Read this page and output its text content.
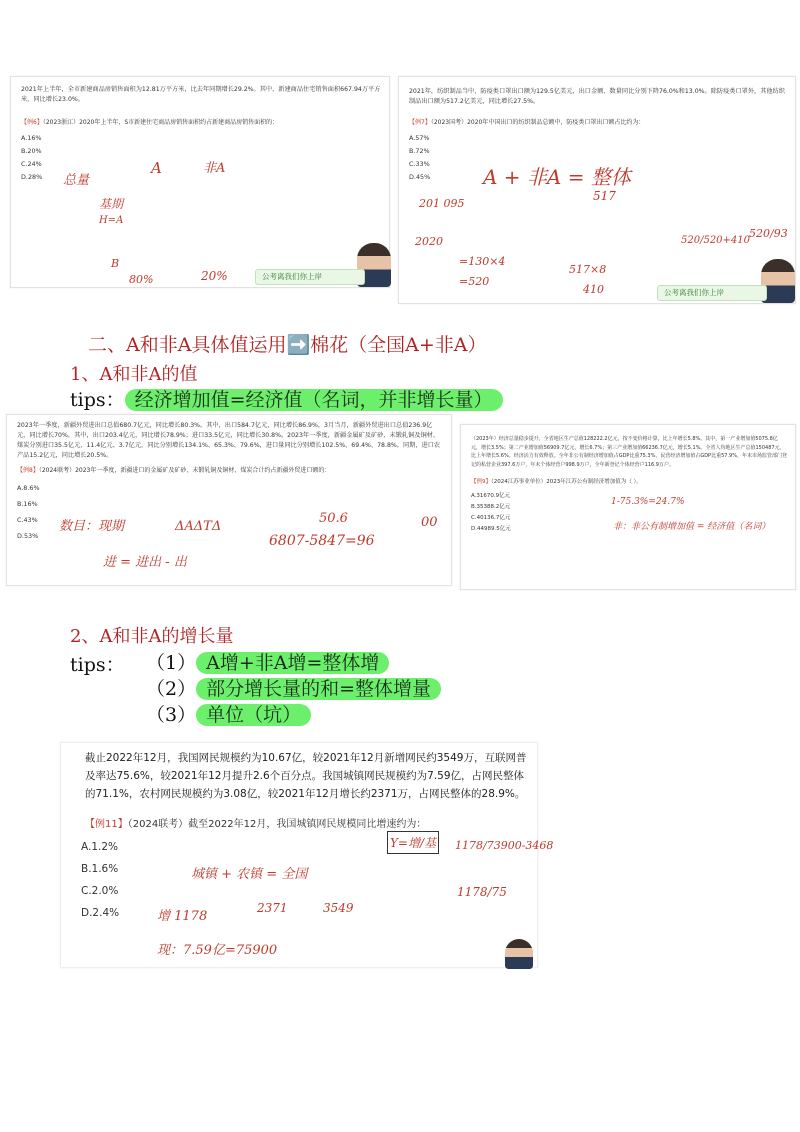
2021年上半年，全市新建商品房销售面积为12.81万平方米，比去年同期增长29.2%。其中，新建商品住宅销售面积667.94万平方米，同比增长23.0%。

【例6】（2023浙江）2020年上半年，S市新建住宅商品房销售面积约占新建商品房销售面积的：
A.16%
B.20%
C.24%
D.28%	总量
A	非A
基期
H=A
B
80%	20%	公考离我们你上岸

2021年，纺织制品当中，防疫类口罩出口额为129.5亿美元，出口金额、数量同比分别下降76.0%和13.0%。除防疫类口罩外，其他纺织制品出口额为517.2亿美元，同比增长27.5%。

【例7】（2023国考）2020年中国出口的纺织制品总额中，防疫类口罩出口额占比约为：
A.57%
B.72%
C.33%
D.45%	A + 非A = 整体
201 095
517
2020
=130×4
=520
517×8
410
520/520+410
520/93
公考离我们你上岸
二、A和非A具体值运用➡️棉花（全国A+非A）
1、A和非A的值
tips： 经济增加值=经济值（名词，并非增长量）

2023年一季度，新疆外贸进出口总值680.7亿元，同比增长80.3%。其中，出口584.7亿元，同比增长86.9%，3月当月，新疆外贸进出口总值236.9亿元，同比增长70%，其中，出口203.4亿元，同比增长78.9%；进口33.5亿元，同比增长30.8%。2023年一季度，新疆金属矿及矿砂、未锻轧铜及铜材、煤炭分别进口35.5亿元、11.4亿元、3.7亿元，同比分别增长134.1%、65.3%、79.6%，进口量同比分别增长102.5%、69.4%、78.8%。同期，进口农产品15.2亿元，同比增长20.5%。

【例8】（2024联考）2023年一季度，新疆进口的金属矿及矿砂、未锻轧铜及铜材、煤炭合计约占新疆外贸进口额的：
A.8.6%
B.16%
C.43%
D.53%
数目：现期
进 = 进出 - 出
ΔAΔTΔ
50.6
6807-5847=96
00

（2023年）经济总量稳步提升，全省地区生产总值128222.2亿元，按不变价格计算，比上年增长5.8%。其中，第一产业增加值5075.8亿元，增长3.5%；第二产业增加值56909.7亿元，增长6.7%；第三产业增加值66236.7亿元，增长5.1%。全省人均地区生产总值150487元，比上年增长5.6%。经济活力有效释放。全年非公有制经济增加值占GDP比重75.3%，民营经济增加值占GDP比重57.9%，年末市场监管部门登记的私营企业397.6万户，年末个体经营户998.9万户，全年新登记个体经营户116.9万户。

【例9】（2024江苏事业单位）2023年江苏公有制经济增加值为（ ）。
A.31670.9亿元
B.35388.2亿元
C.40136.7亿元
D.44989.5亿元
1-75.3%=24.7%
非：非公有制增加值 = 经济值（名词）
2、A和非A的增长量
tips： （1） A增+非A增=整体增
（2） 部分增长量的和=整体增量
（3） 单位（坑）

截止2022年12月，我国网民规模约为10.67亿，较2021年12月新增网民约3549万，互联网普及率达75.6%，较2021年12月提升2.6个百分点。我国城镇网民规模约为7.59亿，占网民整体的71.1%，农村网民规模约为3.08亿，较2021年12月增长约2371万，占网民整体的28.9%。

【例11】（2024联考）截至2022年12月，我国城镇网民规模同比增速约为：
A.1.2%
B.1.6%
C.2.0%
D.2.4%
Y=增/基 1178/73900-3468
1178/75
城镇 + 农镇 = 全国
增 1178
2371	3549
现：7.59亿=75900
